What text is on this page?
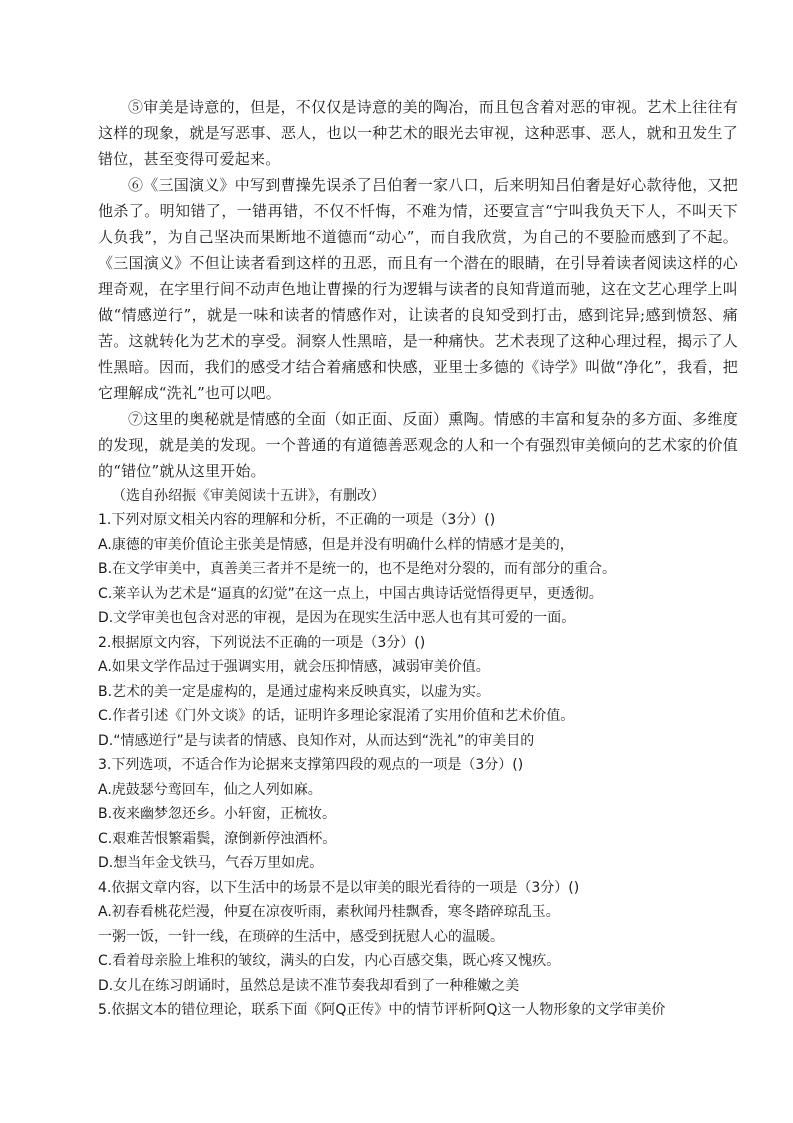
⑤审美是诗意的，但是，不仅仅是诗意的美的陶冶，而且包含着对恶的审视。艺术上往往有这样的现象，就是写恶事、恶人，也以一种艺术的眼光去审视，这种恶事、恶人，就和丑发生了错位，甚至变得可爱起来。

⑥《三国演义》中写到曹操先误杀了吕伯奢一家八口，后来明知吕伯奢是好心款待他，又把他杀了。明知错了，一错再错，不仅不忏悔，不难为情，还要宣言“宁叫我负天下人，不叫天下人负我”，为自己坚决而果断地不道德而“动心”，而自我欣赏，为自己的不要脸而感到了不起。《三国演义》不但让读者看到这样的丑恶，而且有一个潜在的眼睛，在引导着读者阅读这样的心理奇观，在字里行间不动声色地让曹操的行为逻辑与读者的良知背道而驰，这在文艺心理学上叫做“情感逆行”，就是一味和读者的情感作对，让读者的良知受到打击，感到诧异;感到愤怒、痛苦。这就转化为艺术的享受。洞察人性黑暗，是一种痛快。艺术表现了这种心理过程，揭示了人性黑暗。因而，我们的感受才结合着痛感和快感，亚里士多德的《诗学》叫做“净化”，我看，把它理解成“洗礼”也可以吧。

⑦这里的奥秘就是情感的全面（如正面、反面）熏陶。情感的丰富和复杂的多方面、多维度的发现，就是美的发现。一个普通的有道德善恶观念的人和一个有强烈审美倾向的艺术家的价值的“错位”就从这里开始。

（选自孙绍振《审美阅读十五讲》，有删改）

1.下列对原文相关内容的理解和分析，不正确的一项是（3分）()

A.康德的审美价值论主张美是情感，但是并没有明确什么样的情感才是美的，

B.在文学审美中，真善美三者并不是统一的，也不是绝对分裂的，而有部分的重合。

C.莱辛认为艺术是“逼真的幻觉”在这一点上，中国古典诗话觉悟得更早，更透彻。

D.文学审美也包含对恶的审视，是因为在现实生活中恶人也有其可爱的一面。

2.根据原文内容，下列说法不正确的一项是（3分）()

A.如果文学作品过于强调实用，就会压抑情感，减弱审美价值。

B.艺术的美一定是虚构的，是通过虚构来反映真实，以虚为实。

C.作者引述《门外文谈》的话，证明许多理论家混淆了实用价值和艺术价值。

D.“情感逆行”是与读者的情感、良知作对，从而达到“洗礼”的审美目的

3.下列选项，不适合作为论据来支撑第四段的观点的一项是（3分）()

A.虎鼓瑟兮鸾回车，仙之人列如麻。

B.夜来幽梦忽还乡。小轩窗，正梳妆。

C.艰难苦恨繁霜鬓，潦倒新停浊酒杯。

D.想当年金戈铁马，气吞万里如虎。

4.依据文章内容，以下生活中的场景不是以审美的眼光看待的一项是（3分）()

A.初春看桃花烂漫，仲夏在凉夜听雨，素秋闻丹桂飘香，寒冬踏碎琼乱玉。

一粥一饭，一针一线，在琐碎的生活中，感受到抚慰人心的温暖。

C.看着母亲脸上堆积的皱纹，满头的白发，内心百感交集，既心疼又愧疚。

D.女儿在练习朗诵时，虽然总是读不准节奏我却看到了一种稚嫩之美

5.依据文本的错位理论，联系下面《阿Q正传》中的情节评析阿Q这一人物形象的文学审美价
